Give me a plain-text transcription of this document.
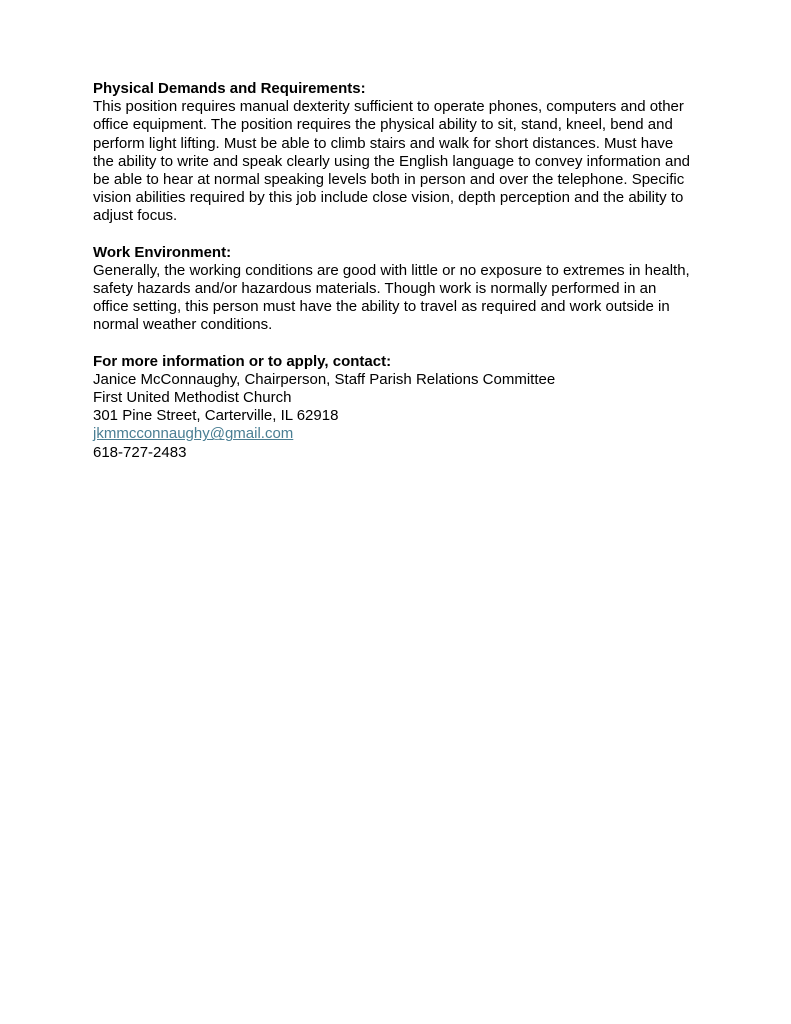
Physical Demands and Requirements:
This position requires manual dexterity sufficient to operate phones, computers and other office equipment. The position requires the physical ability to sit, stand, kneel, bend and perform light lifting. Must be able to climb stairs and walk for short distances. Must have the ability to write and speak clearly using the English language to convey information and be able to hear at normal speaking levels both in person and over the telephone. Specific vision abilities required by this job include close vision, depth perception and the ability to adjust focus.
Work Environment:
Generally, the working conditions are good with little or no exposure to extremes in health, safety hazards and/or hazardous materials. Though work is normally performed in an office setting, this person must have the ability to travel as required and work outside in normal weather conditions.
For more information or to apply, contact:
Janice McConnaughy, Chairperson, Staff Parish Relations Committee
First United Methodist Church
301 Pine Street, Carterville, IL 62918
jkmmcconnaughy@gmail.com
618-727-2483
